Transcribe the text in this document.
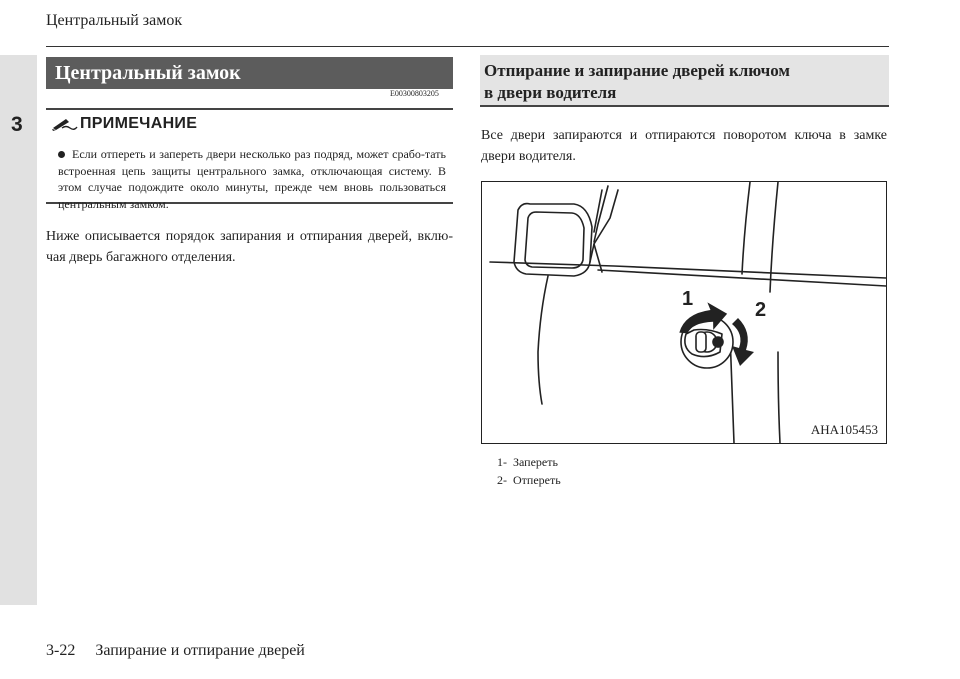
3
Центральный замок
Центральный замок
E00300803205
ПРИМЕЧАНИЕ
Если отпереть и запереть двери несколько раз подряд, может срабо-тать встроенная цепь защиты центрального замка, отключающая систему. В этом случае подождите около минуты, прежде чем вновь пользоваться центральным замком.
Ниже описывается порядок запирания и отпирания дверей, вклю-чая дверь багажного отделения.
Отпирание и запирание дверей ключом
в двери водителя
Все двери запираются и отпираются поворотом ключа в замке двери водителя.
1	2
AHA105453
1- Запереть
2- Отпереть
3-22 Запирание и отпирание дверей
